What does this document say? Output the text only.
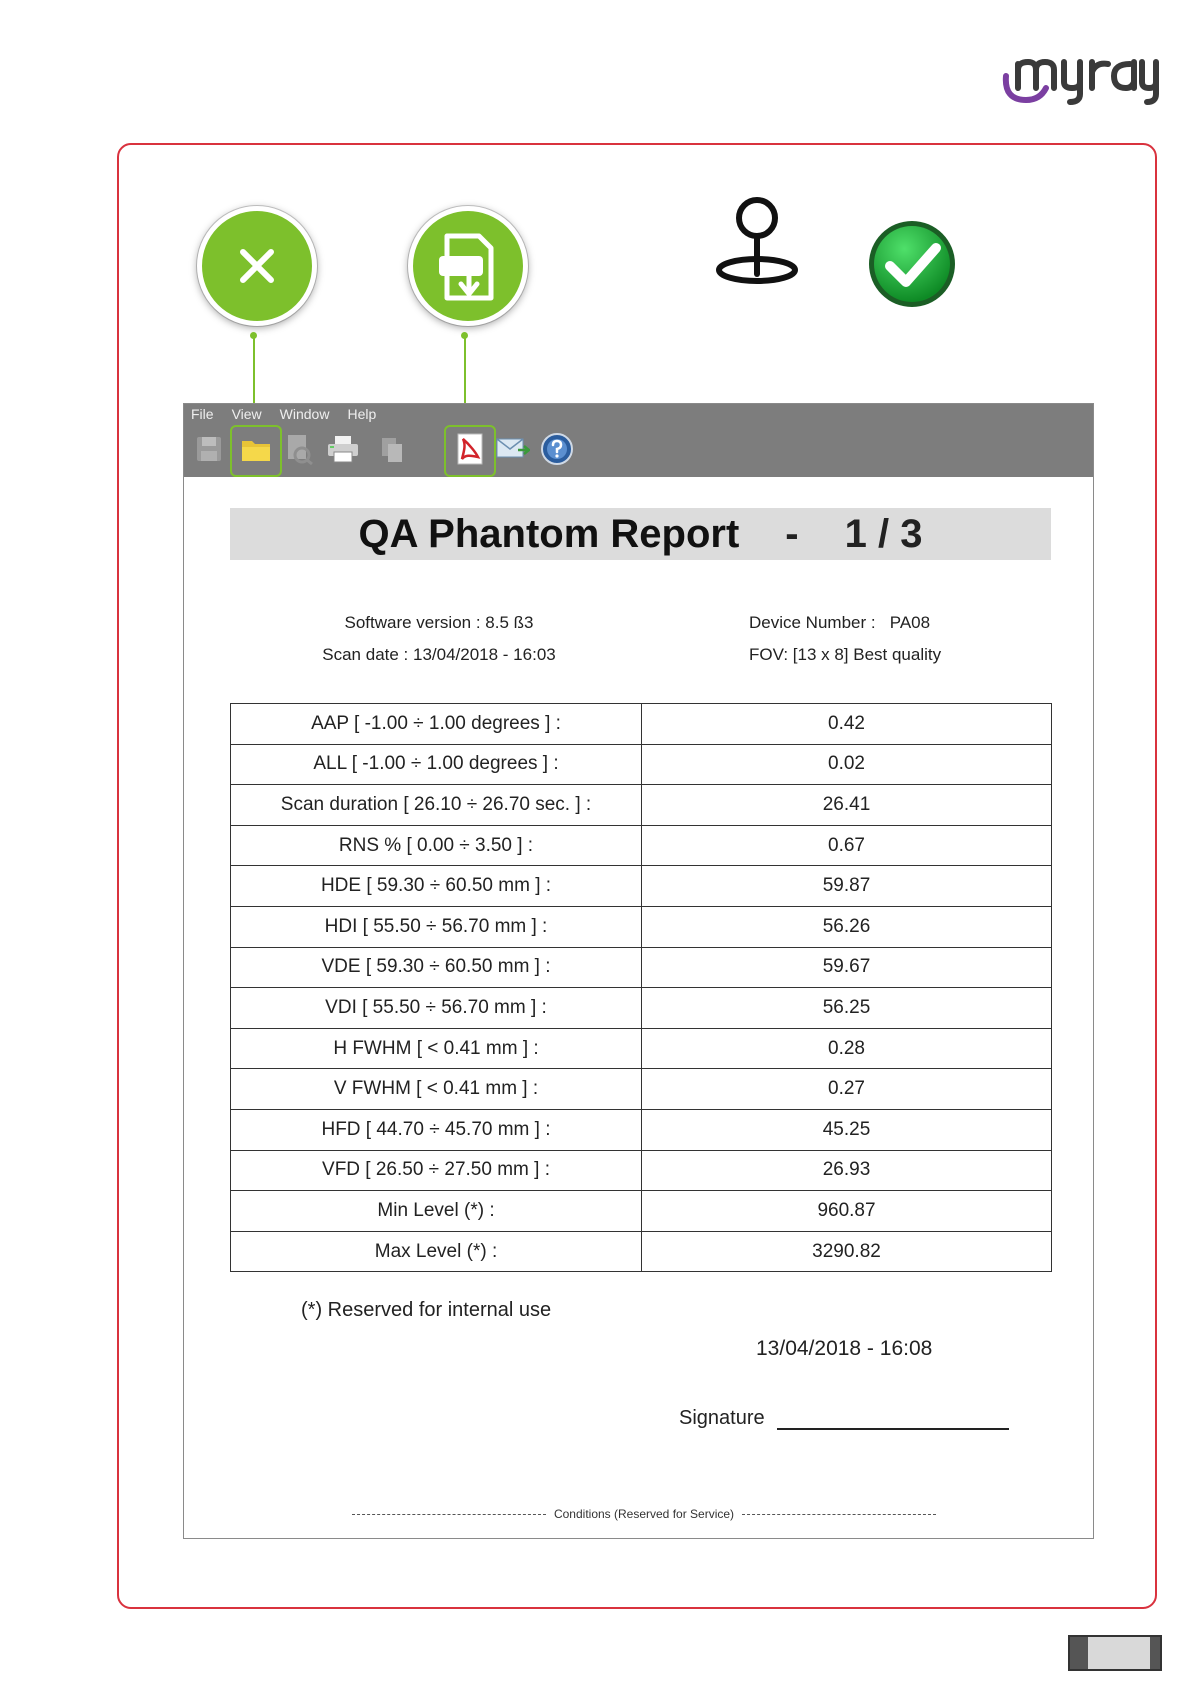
File View Window Help
QA Phantom Report - 1 / 3
Software version : 8.5 ß3
Scan date : 13/04/2018 - 16:03
Device Number :   PA08
FOV: [13 x 8] Best quality
AAP [ -1.00 ÷ 1.00 degrees ] :	0.42
ALL [ -1.00 ÷ 1.00 degrees ] :	0.02
Scan duration [ 26.10 ÷ 26.70 sec. ] :	26.41
RNS % [ 0.00 ÷ 3.50 ] :	0.67
HDE [ 59.30 ÷ 60.50 mm ] :	59.87
HDI [ 55.50 ÷ 56.70 mm ] :	56.26
VDE [ 59.30 ÷ 60.50 mm ] :	59.67
VDI [ 55.50 ÷ 56.70 mm ] :	56.25
H FWHM [ < 0.41 mm ] :	0.28
V FWHM [ < 0.41 mm ] :	0.27
HFD [ 44.70 ÷ 45.70 mm ] :	45.25
VFD [ 26.50 ÷ 27.50 mm ] :	26.93
Min Level (*) :	960.87
Max Level (*) :	3290.82
(*) Reserved for internal use
13/04/2018 - 16:08
Signature
Conditions (Reserved for Service)
